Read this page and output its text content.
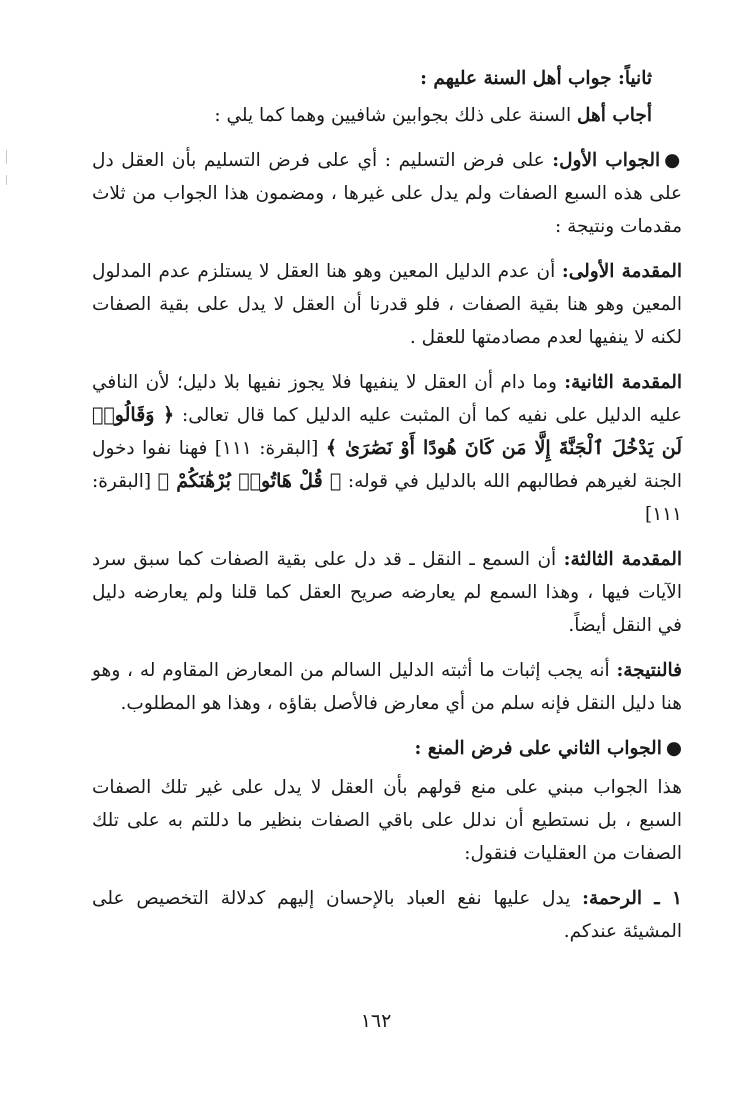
ثانياً: جواب أهل السنة عليهم :

أجاب أهل السنة على ذلك بجوابين شافيين وهما كما يلي :

●الجواب الأول: على فرض التسليم : أي على فرض التسليم بأن العقل دل على هذه السبع الصفات ولم يدل على غيرها ، ومضمون هذا الجواب من ثلاث مقدمات ونتيجة :

المقدمة الأولى: أن عدم الدليل المعين وهو هنا العقل لا يستلزم عدم المدلول المعين وهو هنا بقية الصفات ، فلو قدرنا أن العقل لا يدل على بقية الصفات لكنه لا ينفيها لعدم مصادمتها للعقل .

المقدمة الثانية: وما دام أن العقل لا ينفيها فلا يجوز نفيها بلا دليل؛ لأن النافي عليه الدليل على نفيه كما أن المثبت عليه الدليل كما قال تعالى: ﴿ وَقَالُوا۟ لَن يَدْخُلَ ٱلْجَنَّةَ إِلَّا مَن كَانَ هُودًا أَوْ نَصَٰرَىٰ ﴾ [البقرة: ١١١] فهنا نفوا دخول الجنة لغيرهم فطالبهم الله بالدليل في قوله: ﴿ قُلْ هَاتُوا۟ بُرْهَٰنَكُمْ ﴾ [البقرة: ١١١]

المقدمة الثالثة: أن السمع ـ النقل ـ قد دل على بقية الصفات كما سبق سرد الآيات فيها ، وهذا السمع لم يعارضه صريح العقل كما قلنا ولم يعارضه دليل في النقل أيضاً.

فالنتيجة: أنه يجب إثبات ما أثبته الدليل السالم من المعارض المقاوم له ، وهو هنا دليل النقل فإنه سلم من أي معارض فالأصل بقاؤه ، وهذا هو المطلوب.

●الجواب الثاني على فرض المنع :

هذا الجواب مبني على منع قولهم بأن العقل لا يدل على غير تلك الصفات السبع ، بل نستطيع أن ندلل على باقي الصفات بنظير ما دللتم به على تلك الصفات من العقليات فنقول:

١ ـ الرحمة: يدل عليها نفع العباد بالإحسان إليهم كدلالة التخصيص على المشيئة عندكم.

١٦٢
